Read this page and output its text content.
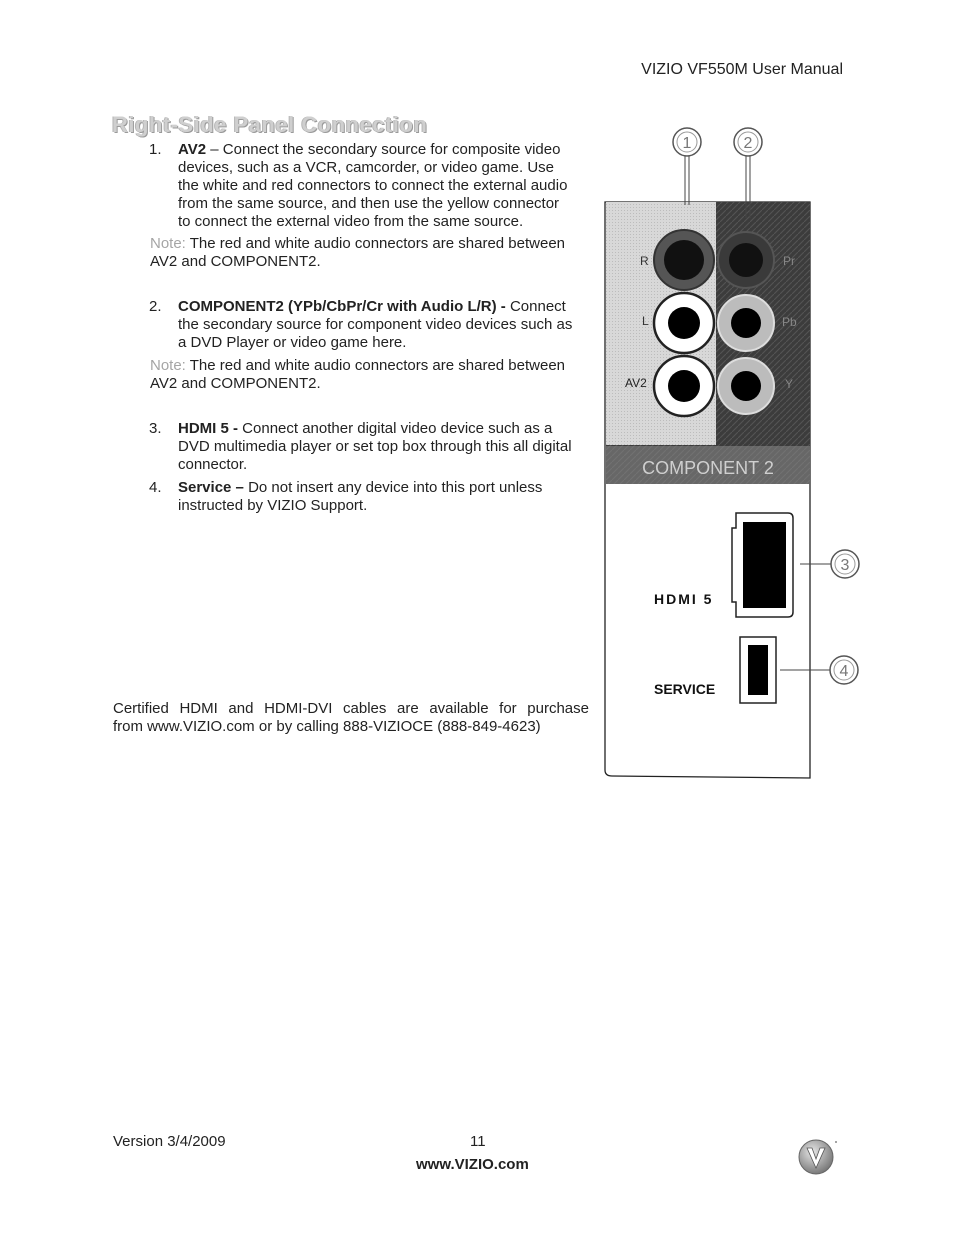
VIZIO VF550M User Manual
Right-Side Panel Connection
1. AV2 – Connect the secondary source for composite video
devices, such as a VCR, camcorder, or video game. Use
the white and red connectors to connect the external audio
from the same source, and then use the yellow connector
to connect the external video from the same source.
Note: The red and white audio connectors are shared between
AV2 and COMPONENT2.
2. COMPONENT2 (YPb/CbPr/Cr with Audio L/R) - Connect
the secondary source for component video devices such as
a DVD Player or video game here.
Note: The red and white audio connectors are shared between
AV2 and COMPONENT2.
3. HDMI 5 - Connect another digital video device such as a
DVD multimedia player or set top box through this all digital
connector.
4. Service – Do not insert any device into this port unless
instructed by VIZIO Support.
Certified HDMI and HDMI-DVI cables are available for purchase
from www.VIZIO.com or by calling 888-VIZIOCE (888-849-4623)
1	2
R
L
AV2
Pr
Pb
Y
COMPONENT 2
HDMI 5
SERVICE
3
4
Version 3/4/2009	11
www.VIZIO.com
